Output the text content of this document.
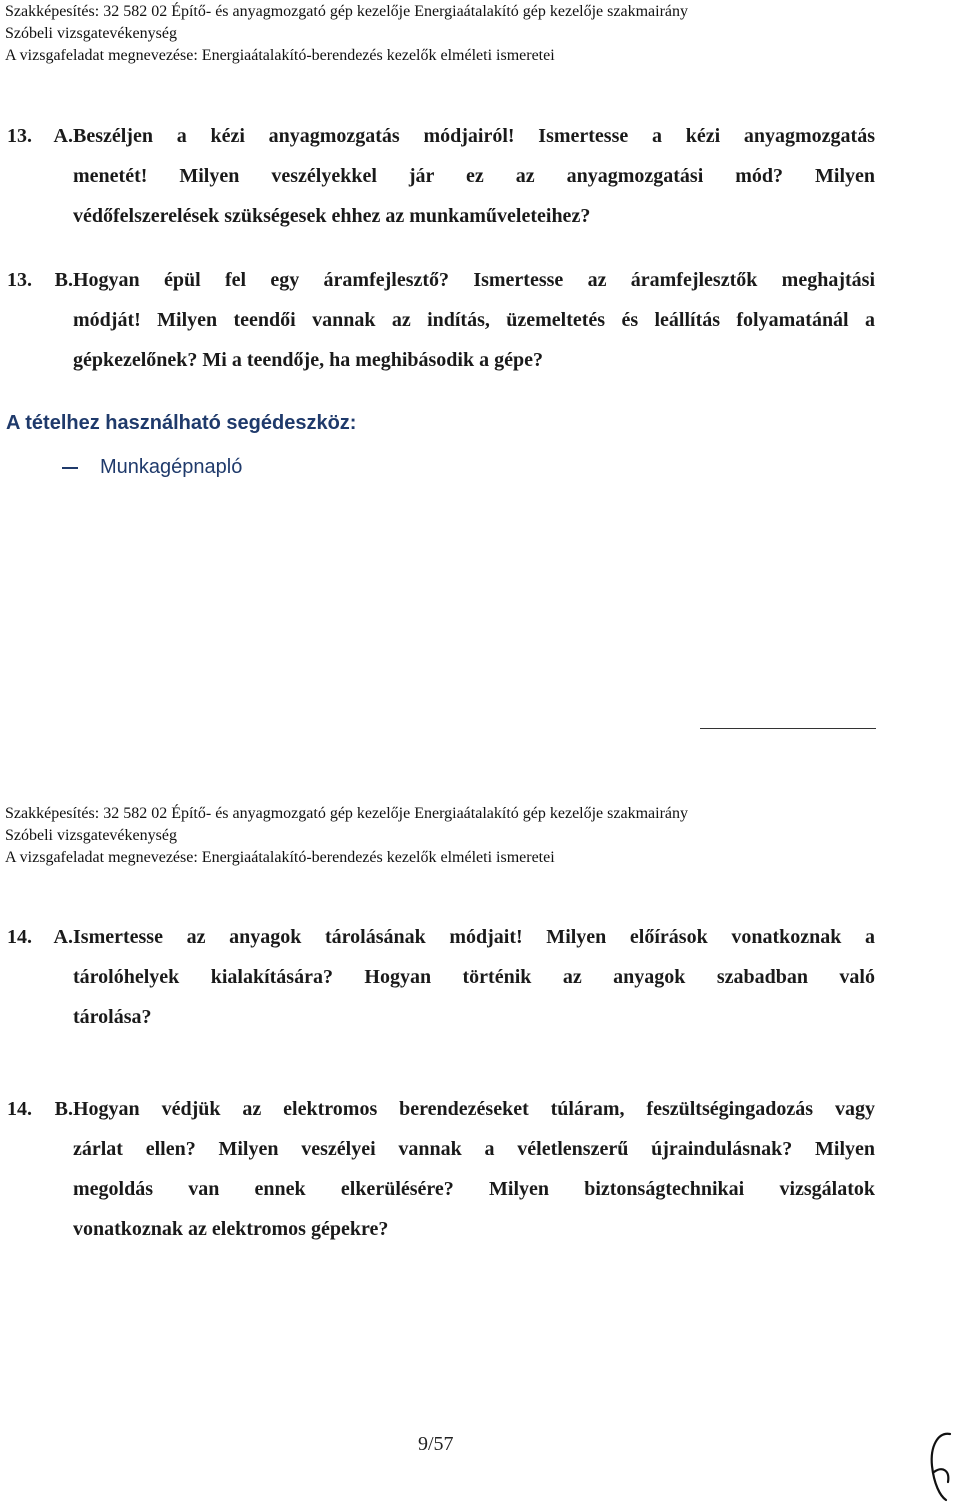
Szakképesítés: 32 582 02 Építő- és anyagmozgató gép kezelője Energiaátalakító gép kezelője szakmairány
Szóbeli vizsgatevékenység
A vizsgafeladat megnevezése: Energiaátalakító-berendezés kezelők elméleti ismeretei
13. A.Beszéljen a kézi anyagmozgatás módjairól! Ismertesse a kézi anyagmozgatás
menetét! Milyen veszélyekkel jár ez az anyagmozgatási mód? Milyen
védőfelszerelések szükségesek ehhez az munkaműveleteihez?
13. B.Hogyan épül fel egy áramfejlesztő? Ismertesse az áramfejlesztők meghajtási
módját! Milyen teendői vannak az indítás, üzemeltetés és leállítás folyamatánál a
gépkezelőnek? Mi a teendője, ha meghibásodik a gépe?
A tételhez használható segédeszköz:
Munkagépnapló
Szakképesítés: 32 582 02 Építő- és anyagmozgató gép kezelője Energiaátalakító gép kezelője szakmairány
Szóbeli vizsgatevékenység
A vizsgafeladat megnevezése: Energiaátalakító-berendezés kezelők elméleti ismeretei
14. A.Ismertesse az anyagok tárolásának módjait! Milyen előírások vonatkoznak a
tárolóhelyek kialakítására? Hogyan történik az anyagok szabadban való
tárolása?
14. B.Hogyan védjük az elektromos berendezéseket túláram, feszültségingadozás vagy
zárlat ellen? Milyen veszélyei vannak a véletlenszerű újraindulásnak? Milyen
megoldás van ennek elkerülésére? Milyen biztonságtechnikai vizsgálatok
vonatkoznak az elektromos gépekre?
9/57
